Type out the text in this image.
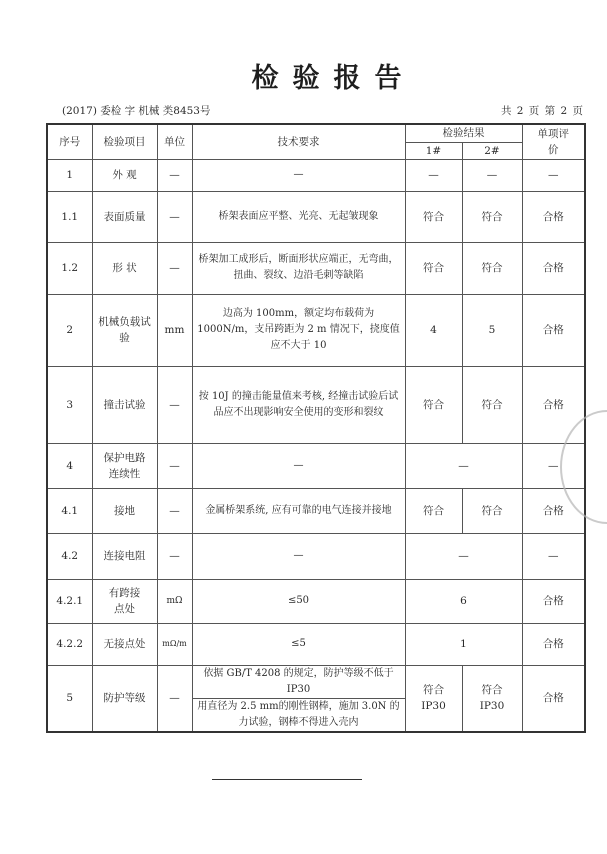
检验报告
(2017) 委检 字 机械 类8453号	共 2 页 第 2 页
序号	检验项目	单位	技术要求	检验结果		单项评价
				1#	2#	
1	外 观	—	—	—	—	—
1.1	表面质量	—	桥架表面应平整、光亮、无起皱现象	符合	符合	合格
1.2	形 状	—	桥架加工成形后，断面形状应端正，无弯曲，扭曲、裂纹、边沿毛刺等缺陷	符合	符合	合格
2	机械负载试验	mm	边高为 100mm，额定均布载荷为 1000N/m，支吊跨距为 2 m 情况下，挠度值应不大于 10	4	5	合格
3	撞击试验	—	按 10J 的撞击能量值来考核, 经撞击试验后试品应不出现影响安全使用的变形和裂纹	符合	符合	合格
4	保护电路连续性	—	—	—		—
4.1	接地	—	金属桥架系统, 应有可靠的电气连接并接地	符合	符合	合格
4.2	连接电阻	—	—	—		—
4.2.1	有跨接点处	mΩ	≤50	6		合格
4.2.2	无接点处	mΩ/m	≤5	1		合格
5	防护等级	—	依据 GB/T 4208 的规定，防护等级不低于 IP30	符合 IP30	符合 IP30	合格
			用直径为 2.5 mm的刚性钢棒，施加 3.0N 的力试验，钢棒不得进入壳内			
